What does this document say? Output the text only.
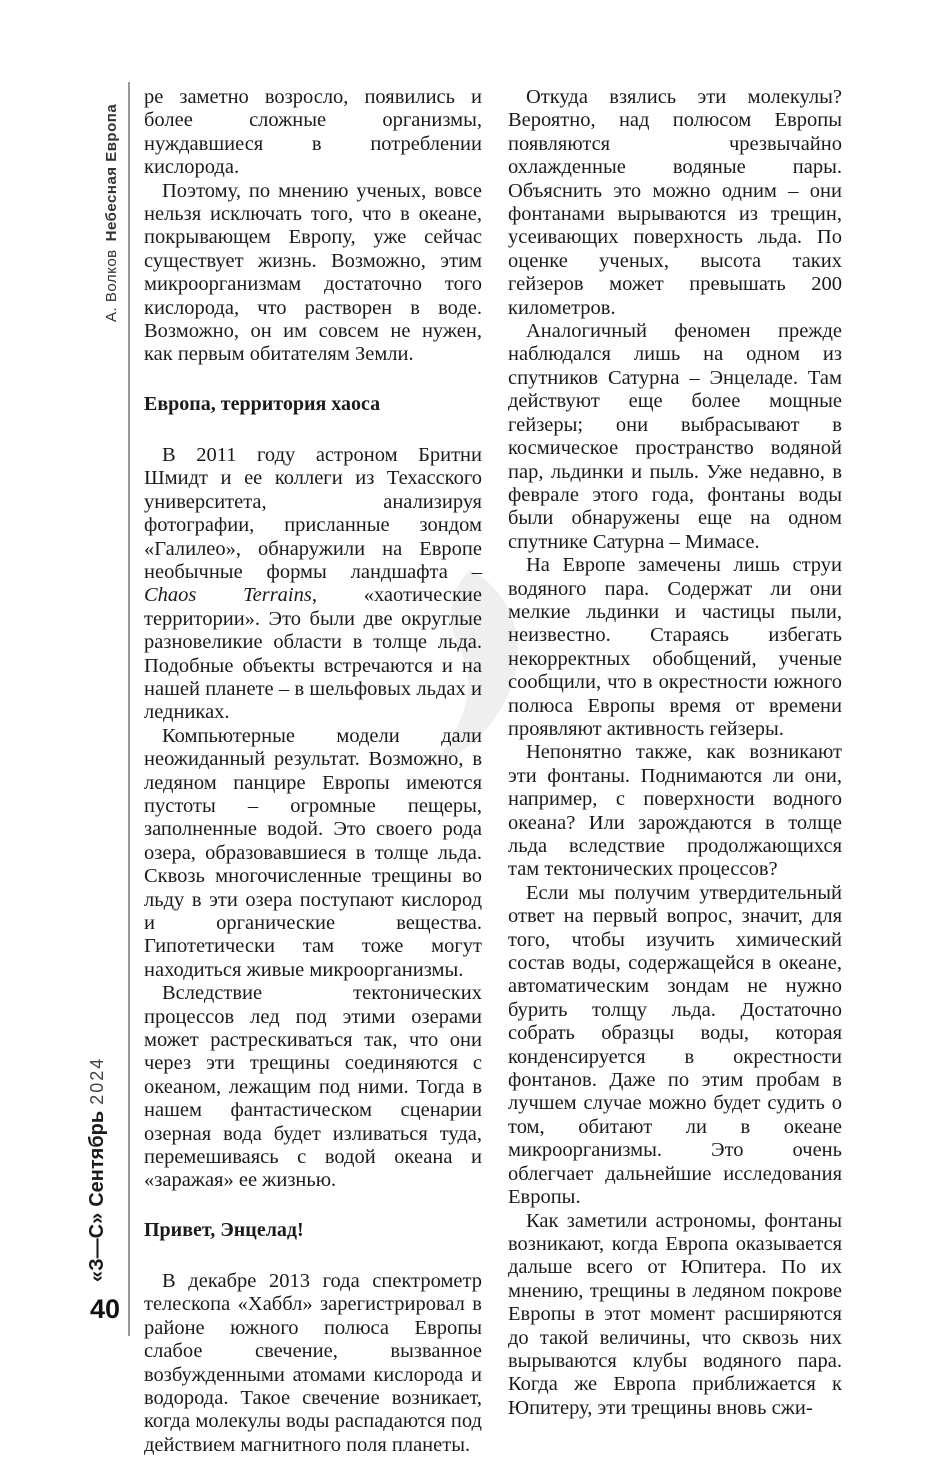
А. ВолковНебесная Европа
«З—С»Сентябрь2024
40

ре заметно возросло, появились и более сложные организмы, нуждавшиеся в потреблении кислорода.

Поэтому, по мнению ученых, вовсе нельзя исключать того, что в океане, покрывающем Европу, уже сейчас существует жизнь. Возможно, этим микроорганизмам достаточно того кислорода, что растворен в воде. Возможно, он им совсем не нужен, как первым обитателям Земли.

Европа, территория хаоса

В 2011 году астроном Бритни Шмидт и ее коллеги из Техасского университета, анализируя фотографии, присланные зондом «Галилео», обнаружили на Европе необычные формы ландшафта – Chaos Terrains, «хаотические территории». Это были две округлые разновеликие области в толще льда. Подобные объекты встречаются и на нашей планете – в шельфовых льдах и ледниках.

Компьютерные модели дали неожиданный результат. Возможно, в ледяном панцире Европы имеются пустоты – огромные пещеры, заполненные водой. Это своего рода озера, образовавшиеся в толще льда. Сквозь многочисленные трещины во льду в эти озера поступают кислород и органические вещества. Гипотетически там тоже могут находиться живые микроорганизмы.

Вследствие тектонических процессов лед под этими озерами может растрескиваться так, что они через эти трещины соединяются с океаном, лежащим под ними. Тогда в нашем фантастическом сценарии озерная вода будет изливаться туда, перемешиваясь с водой океана и «заражая» ее жизнью.

Привет, Энцелад!

В декабре 2013 года спектрометр телескопа «Хаббл» зарегистрировал в районе южного полюса Европы слабое свечение, вызванное возбужденными атомами кислорода и водорода. Такое свечение возникает, когда молекулы воды распадаются под действием магнитного поля планеты.

Откуда взялись эти молекулы? Вероятно, над полюсом Европы появляются чрезвычайно охлажденные водяные пары. Объяснить это можно одним – они фонтанами вырываются из трещин, усеивающих поверхность льда. По оценке ученых, высота таких гейзеров может превышать 200 километров.

Аналогичный феномен прежде наблюдался лишь на одном из спутников Сатурна – Энцеладе. Там действуют еще более мощные гейзеры; они выбрасывают в космическое пространство водяной пар, льдинки и пыль. Уже недавно, в феврале этого года, фонтаны воды были обнаружены еще на одном спутнике Сатурна – Мимасе.

На Европе замечены лишь струи водяного пара. Содержат ли они мелкие льдинки и частицы пыли, неизвестно. Стараясь избегать некорректных обобщений, ученые сообщили, что в окрестности южного полюса Европы время от времени проявляют активность гейзеры.

Непонятно также, как возникают эти фонтаны. Поднимаются ли они, например, с поверхности водного океана? Или зарождаются в толще льда вследствие продолжающихся там тектонических процессов?

Если мы получим утвердительный ответ на первый вопрос, значит, для того, чтобы изучить химический состав воды, содержащейся в океане, автоматическим зондам не нужно бурить толщу льда. Достаточно собрать образцы воды, которая конденсируется в окрестности фонтанов. Даже по этим пробам в лучшем случае можно будет судить о том, обитают ли в океане микроорганизмы. Это очень облегчает дальнейшие исследования Европы.

Как заметили астрономы, фонтаны возникают, когда Европа оказывается дальше всего от Юпитера. По их мнению, трещины в ледяном покрове Европы в этот момент расширяются до такой величины, что сквозь них вырываются клубы водяного пара. Когда же Европа приближается к Юпитеру, эти трещины вновь сжи-
